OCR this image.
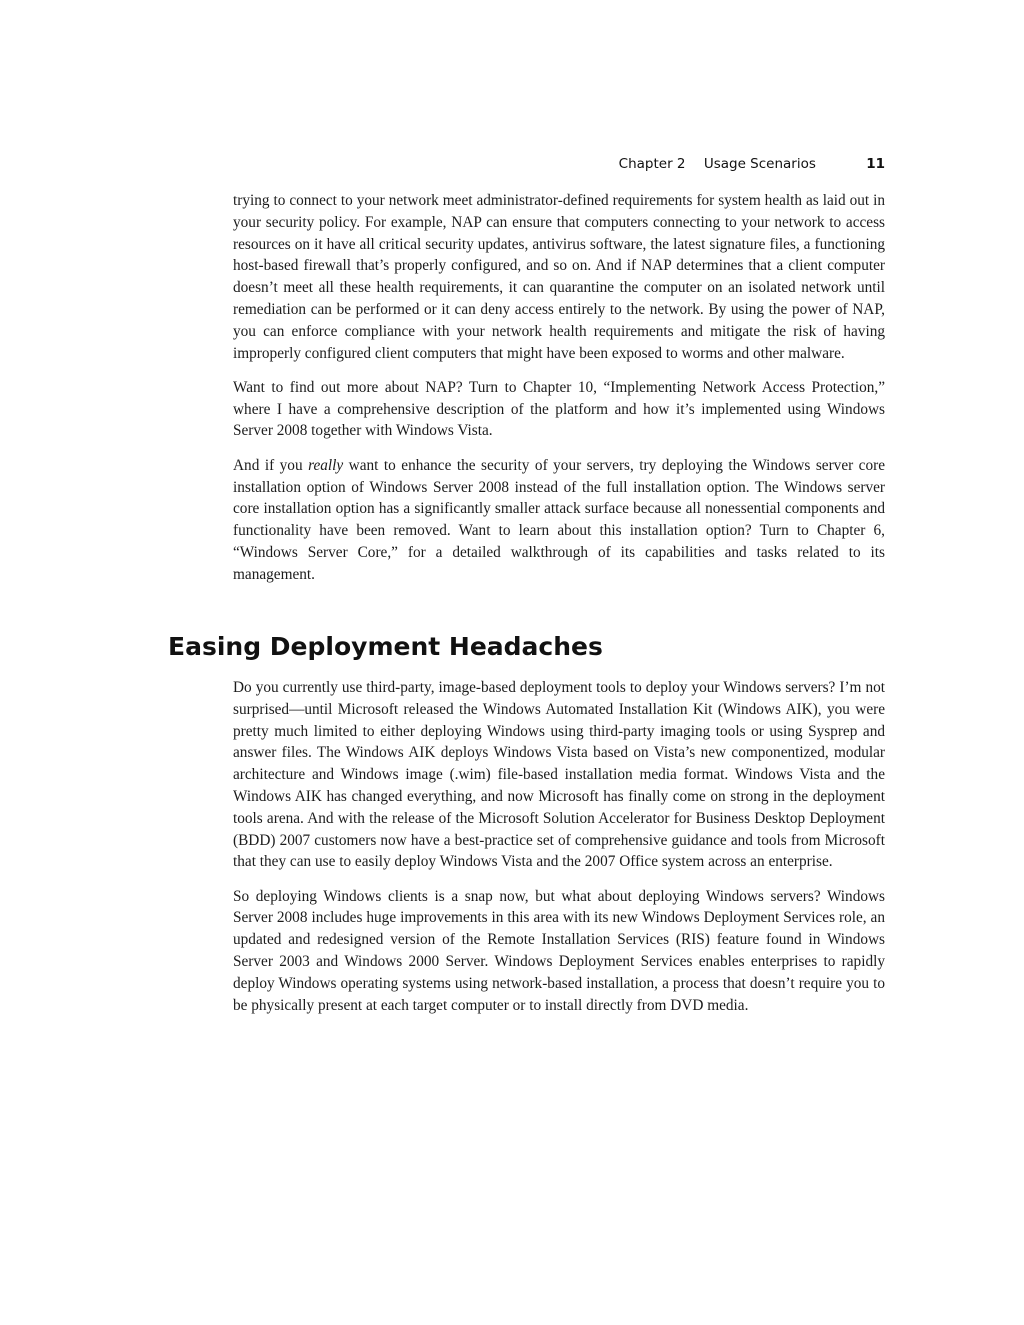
Chapter 2 Usage Scenarios	11

trying to connect to your network meet administrator-defined requirements for system health as laid out in your security policy. For example, NAP can ensure that computers connecting to your network to access resources on it have all critical security updates, antivirus software, the latest signature files, a functioning host-based firewall that’s properly configured, and so on. And if NAP determines that a client computer doesn’t meet all these health requirements, it can quarantine the computer on an isolated network until remediation can be performed or it can deny access entirely to the network. By using the power of NAP, you can enforce compliance with your network health requirements and mitigate the risk of having improperly configured client computers that might have been exposed to worms and other malware.

Want to find out more about NAP? Turn to Chapter 10, “Implementing Network Access Protection,” where I have a comprehensive description of the platform and how it’s implemented using Windows Server 2008 together with Windows Vista.

And if you really want to enhance the security of your servers, try deploying the Windows server core installation option of Windows Server 2008 instead of the full installation option. The Windows server core installation option has a significantly smaller attack surface because all nonessential components and functionality have been removed. Want to learn about this installation option? Turn to Chapter 6, “Windows Server Core,” for a detailed walkthrough of its capabilities and tasks related to its management.

Easing Deployment Headaches

Do you currently use third-party, image-based deployment tools to deploy your Windows servers? I’m not surprised—until Microsoft released the Windows Automated Installation Kit (Windows AIK), you were pretty much limited to either deploying Windows using third-party imaging tools or using Sysprep and answer files. The Windows AIK deploys Windows Vista based on Vista’s new componentized, modular architecture and Windows image (.wim) file-based installation media format. Windows Vista and the Windows AIK has changed everything, and now Microsoft has finally come on strong in the deployment tools arena. And with the release of the Microsoft Solution Accelerator for Business Desktop Deployment (BDD) 2007 customers now have a best-practice set of comprehensive guidance and tools from Microsoft that they can use to easily deploy Windows Vista and the 2007 Office system across an enterprise.

So deploying Windows clients is a snap now, but what about deploying Windows servers? Windows Server 2008 includes huge improvements in this area with its new Windows Deployment Services role, an updated and redesigned version of the Remote Installation Services (RIS) feature found in Windows Server 2003 and Windows 2000 Server. Windows Deployment Services enables enterprises to rapidly deploy Windows operating systems using network-based installation, a process that doesn’t require you to be physically present at each target computer or to install directly from DVD media.
